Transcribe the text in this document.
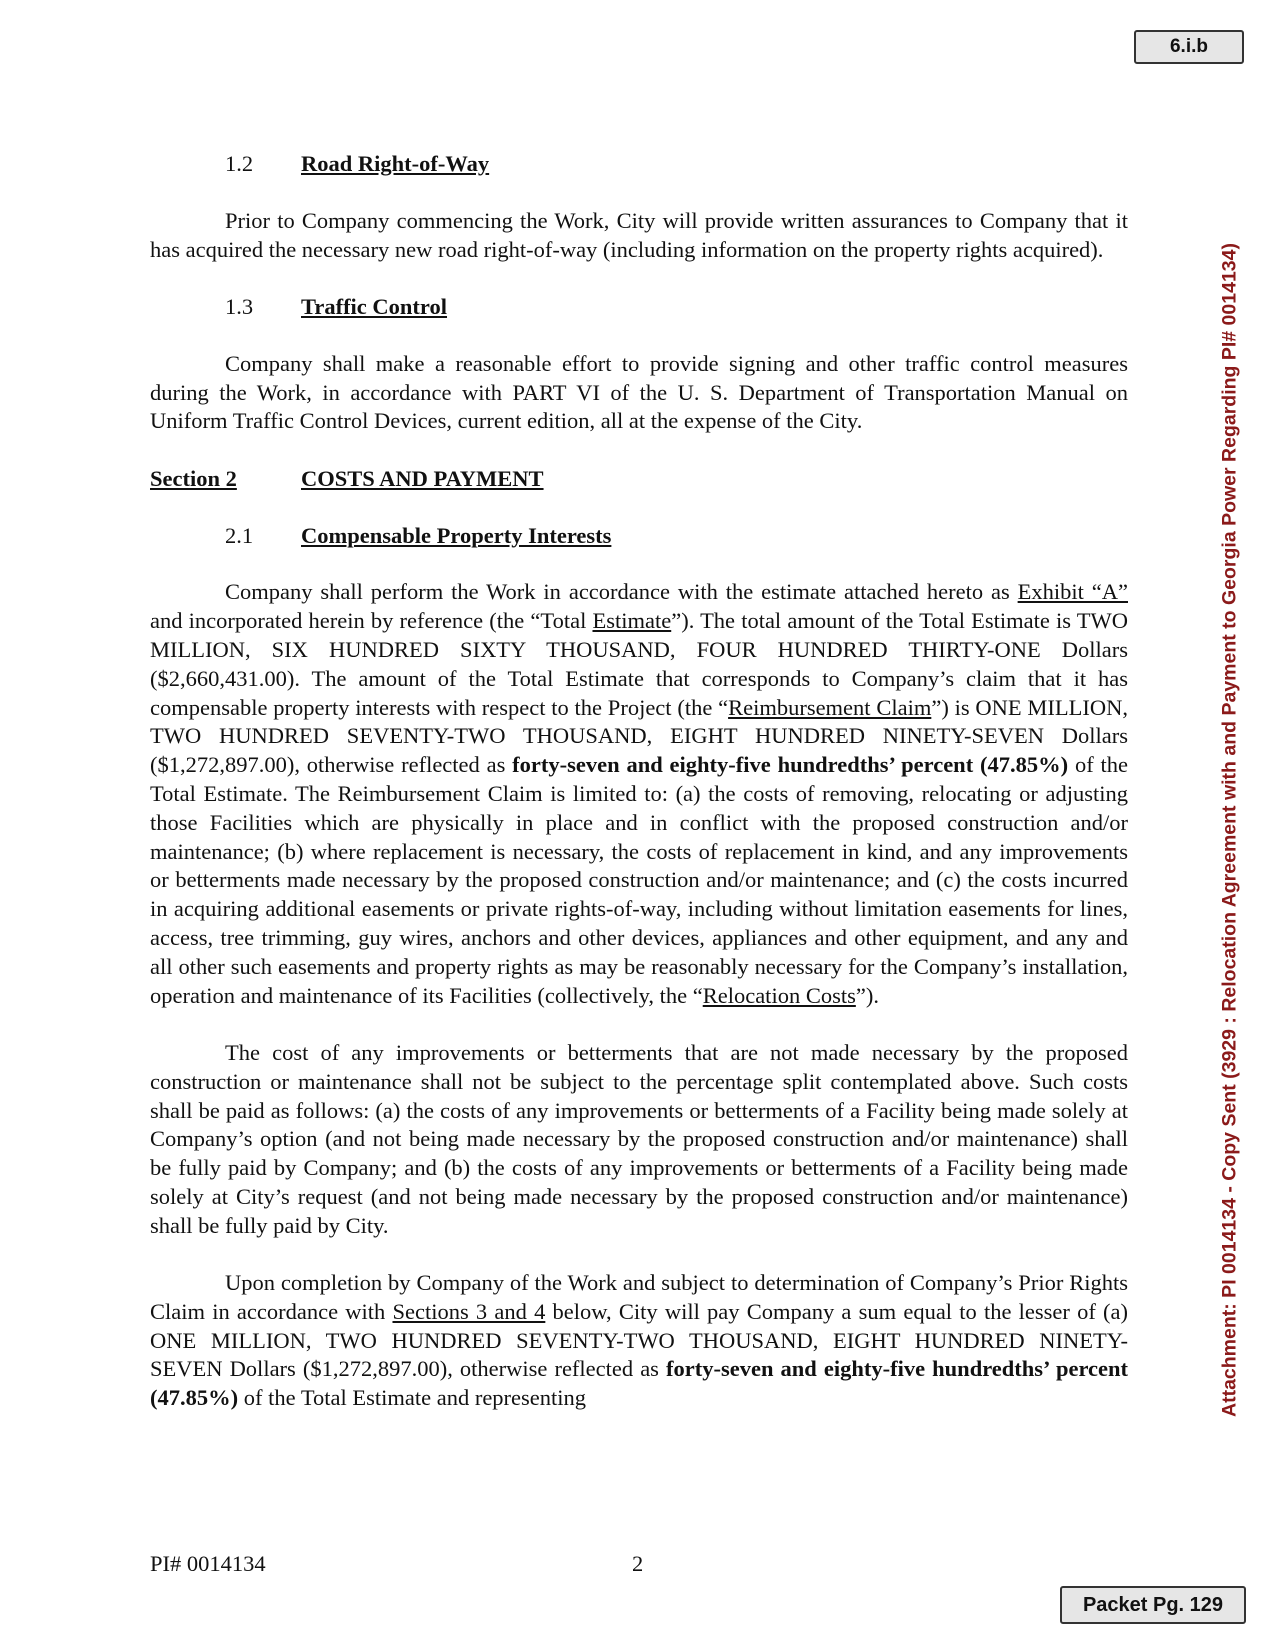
6.i.b
Attachment: PI 0014134 - Copy Sent (3929 : Relocation Agreement with and Payment to Georgia Power Regarding PI# 0014134)
1.2 Road Right-of-Way

Prior to Company commencing the Work, City will provide written assurances to Company that it has acquired the necessary new road right-of-way (including information on the property rights acquired).

1.3 Traffic Control

Company shall make a reasonable effort to provide signing and other traffic control measures during the Work, in accordance with PART VI of the U. S. Department of Transportation Manual on Uniform Traffic Control Devices, current edition, all at the expense of the City.

Section 2	COSTS AND PAYMENT
2.1 Compensable Property Interests

Company shall perform the Work in accordance with the estimate attached hereto as Exhibit “A” and incorporated herein by reference (the “Total Estimate”). The total amount of the Total Estimate is TWO MILLION, SIX HUNDRED SIXTY THOUSAND, FOUR HUNDRED THIRTY-ONE Dollars ($2,660,431.00). The amount of the Total Estimate that corresponds to Company’s claim that it has compensable property interests with respect to the Project (the “Reimbursement Claim”) is ONE MILLION, TWO HUNDRED SEVENTY-TWO THOUSAND, EIGHT HUNDRED NINETY-SEVEN Dollars ($1,272,897.00), otherwise reflected as forty-seven and eighty-five hundredths’ percent (47.85%) of the Total Estimate. The Reimbursement Claim is limited to: (a) the costs of removing, relocating or adjusting those Facilities which are physically in place and in conflict with the proposed construction and/or maintenance; (b) where replacement is necessary, the costs of replacement in kind, and any improvements or betterments made necessary by the proposed construction and/or maintenance; and (c) the costs incurred in acquiring additional easements or private rights-of-way, including without limitation easements for lines, access, tree trimming, guy wires, anchors and other devices, appliances and other equipment, and any and all other such easements and property rights as may be reasonably necessary for the Company’s installation, operation and maintenance of its Facilities (collectively, the “Relocation Costs”).

The cost of any improvements or betterments that are not made necessary by the proposed construction or maintenance shall not be subject to the percentage split contemplated above. Such costs shall be paid as follows: (a) the costs of any improvements or betterments of a Facility being made solely at Company’s option (and not being made necessary by the proposed construction and/or maintenance) shall be fully paid by Company; and (b) the costs of any improvements or betterments of a Facility being made solely at City’s request (and not being made necessary by the proposed construction and/or maintenance) shall be fully paid by City.

Upon completion by Company of the Work and subject to determination of Company’s Prior Rights Claim in accordance with Sections 3 and 4 below, City will pay Company a sum equal to the lesser of (a) ONE MILLION, TWO HUNDRED SEVENTY-TWO THOUSAND, EIGHT HUNDRED NINETY-SEVEN Dollars ($1,272,897.00), otherwise reflected as forty-seven and eighty-five hundredths’ percent (47.85%) of the Total Estimate and representing

PI# 0014134	2
Packet Pg. 129
